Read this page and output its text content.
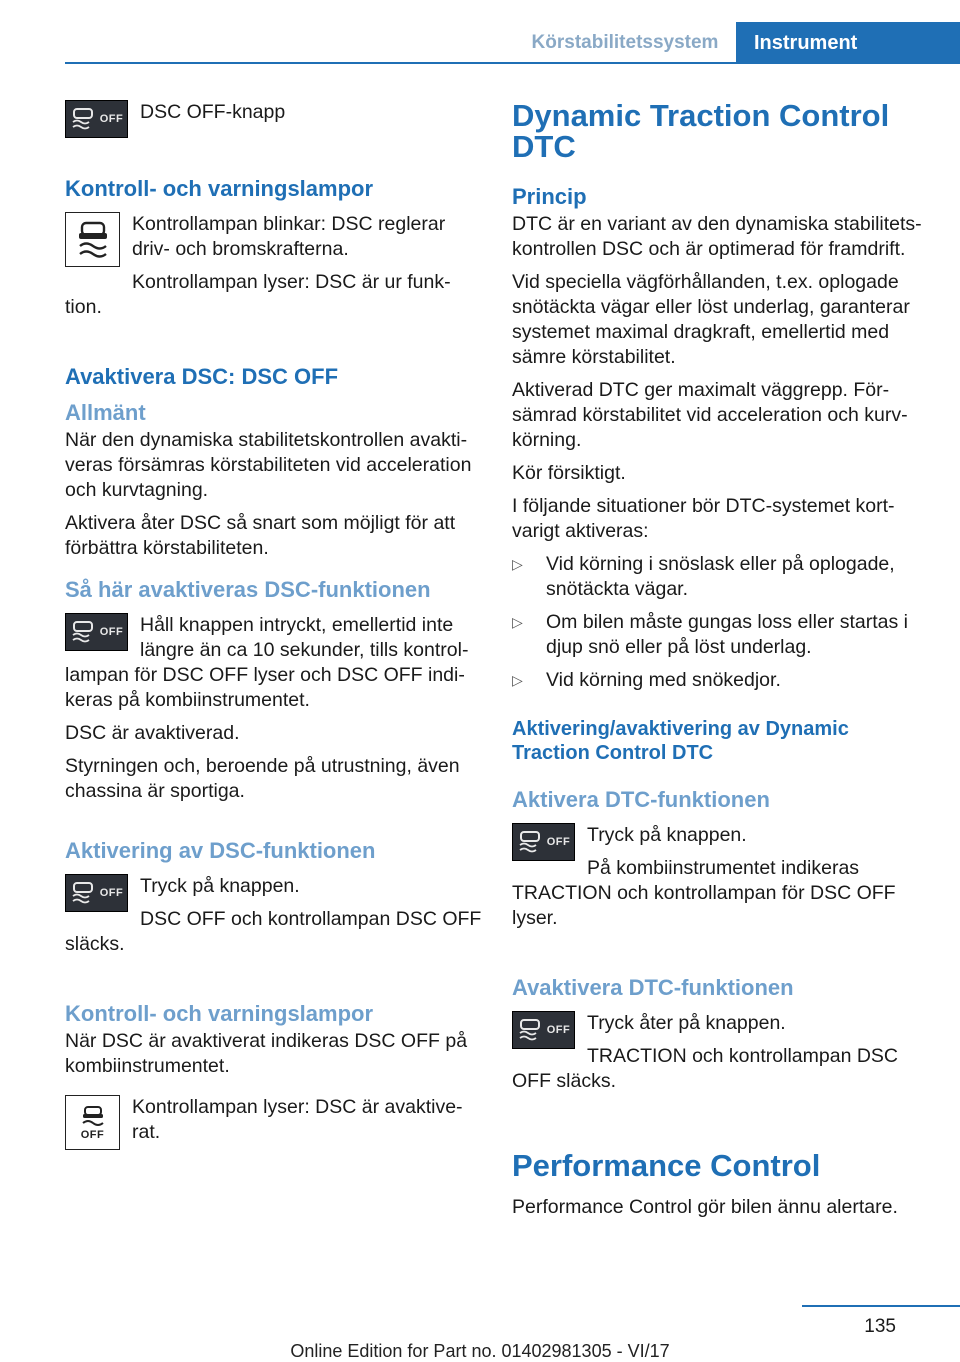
Körstabilitetssystem	Instrument
OFF DSC OFF-knapp

Kontroll- och varningslampor

Kontrollampan blinkar: DSC reglerar driv- och bromskrafterna.

Kontrollampan lyser: DSC är ur funk-tion.

Avaktivera DSC: DSC OFF
Allmänt

När den dynamiska stabilitetskontrollen avakti-veras försämras körstabiliteten vid acceleration och kurvtagning.

Aktivera åter DSC så snart som möjligt för att förbättra körstabiliteten.

Så här avaktiveras DSC-funktionen
OFF Håll knappen intryckt, emellertid inte längre än ca 10 sekunder, tills kontrol-lampan för DSC OFF lyser och DSC OFF indi-keras på kombiinstrumentet.

DSC är avaktiverad.

Styrningen och, beroende på utrustning, även chassina är sportiga.

Aktivering av DSC-funktionen
OFF Tryck på knappen.

DSC OFF och kontrollampan DSC OFF släcks.

Kontroll- och varningslampor

När DSC är avaktiverat indikeras DSC OFF på kombiinstrumentet.

OFF

Kontrollampan lyser: DSC är avaktive-rat.

Dynamic Traction Control DTC
Princip

DTC är en variant av den dynamiska stabilitets-kontrollen DSC och är optimerad för framdrift.

Vid speciella vägförhållanden, t.ex. oplogade snötäckta vägar eller löst underlag, garanterar systemet maximal dragkraft, emellertid med sämre körstabilitet.

Aktiverad DTC ger maximalt väggrepp. För-sämrad körstabilitet vid acceleration och kurv-körning.

Kör försiktigt.

I följande situationer bör DTC-systemet kort-varigt aktiveras:

▷ Vid körning i snöslask eller på oplogade, snötäckta vägar.
▷ Om bilen måste gungas loss eller startas i djup snö eller på löst underlag.
▷ Vid körning med snökedjor.
Aktivering/avaktivering av Dynamic Traction Control DTC
Aktivera DTC-funktionen
OFF Tryck på knappen.

På kombiinstrumentet indikeras TRACTION och kontrollampan för DSC OFF lyser.

Avaktivera DTC-funktionen
OFF Tryck åter på knappen.

TRACTION och kontrollampan DSC OFF släcks.

Performance Control

Performance Control gör bilen ännu alertare.

135
Online Edition for Part no. 01402981305 - VI/17
